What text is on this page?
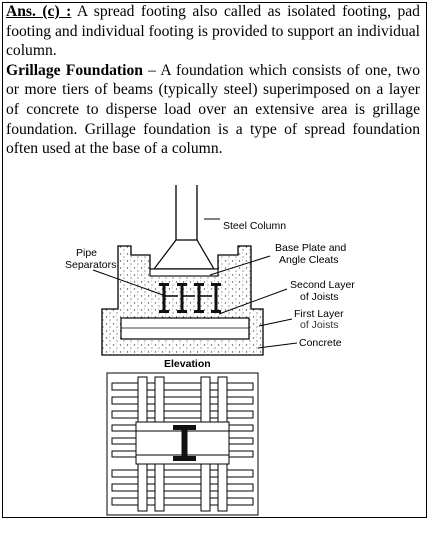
Ans. (c) : A spread footing also called as isolated footing, pad footing and individual footing is provided to support an individual column.

Grillage Foundation – A foundation which consists of one, two or more tiers of beams (typically steel) superimposed on a layer of concrete to disperse load over an extensive area is grillage foundation. Grillage foundation is a type of spread foundation often used at the base of a column.

Steel Column
Pipe
Separators
Base Plate and
Angle Cleats
Second Layer
of Joists
First Layer
of Joists
Concrete
Elevation
